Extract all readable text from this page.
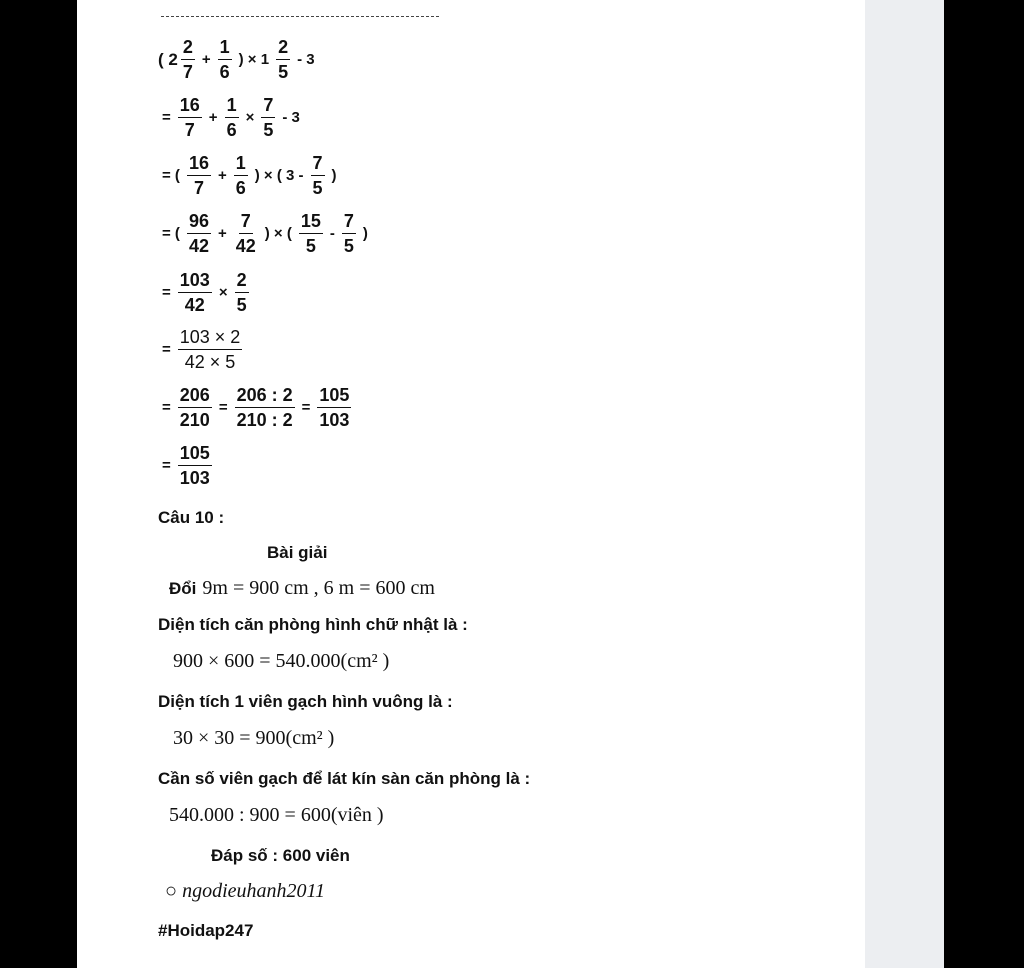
( $2 \frac{2}{7} + \frac{1}{6}$ ) × $1 \frac{2}{5} - 3$
= $\frac{16}{7} + \frac{1}{6} \times \frac{7}{5} - 3$
= ( $\frac{16}{7} + \frac{1}{6}$ ) × ( $3 - \frac{7}{5}$ )
= ( $\frac{96}{42} + \frac{7}{42}$ ) × ( $\frac{15}{5} - \frac{7}{5}$ )
= $\frac{103}{42} \times \frac{2}{5}$
= $\frac{103 \times 2}{42 \times 5}$
= $\frac{206}{210} = \frac{206 : 2}{210 : 2} = \frac{105}{103}$
= $\frac{105}{103}$
Câu 10 :
Bài giải
Đổi 9m = 900 cm , 6 m = 600 cm
Diện tích căn phòng hình chữ nhật là :
900 × 600 = 540.000(cm² )
Diện tích 1 viên gạch hình vuông là :
30 × 30 = 900(cm² )
Cần số viên gạch để lát kín sàn căn phòng là :
540.000 : 900 = 600(viên )
Đáp số : 600 viên
○ ngodieuhanh2011
#Hoidap247
